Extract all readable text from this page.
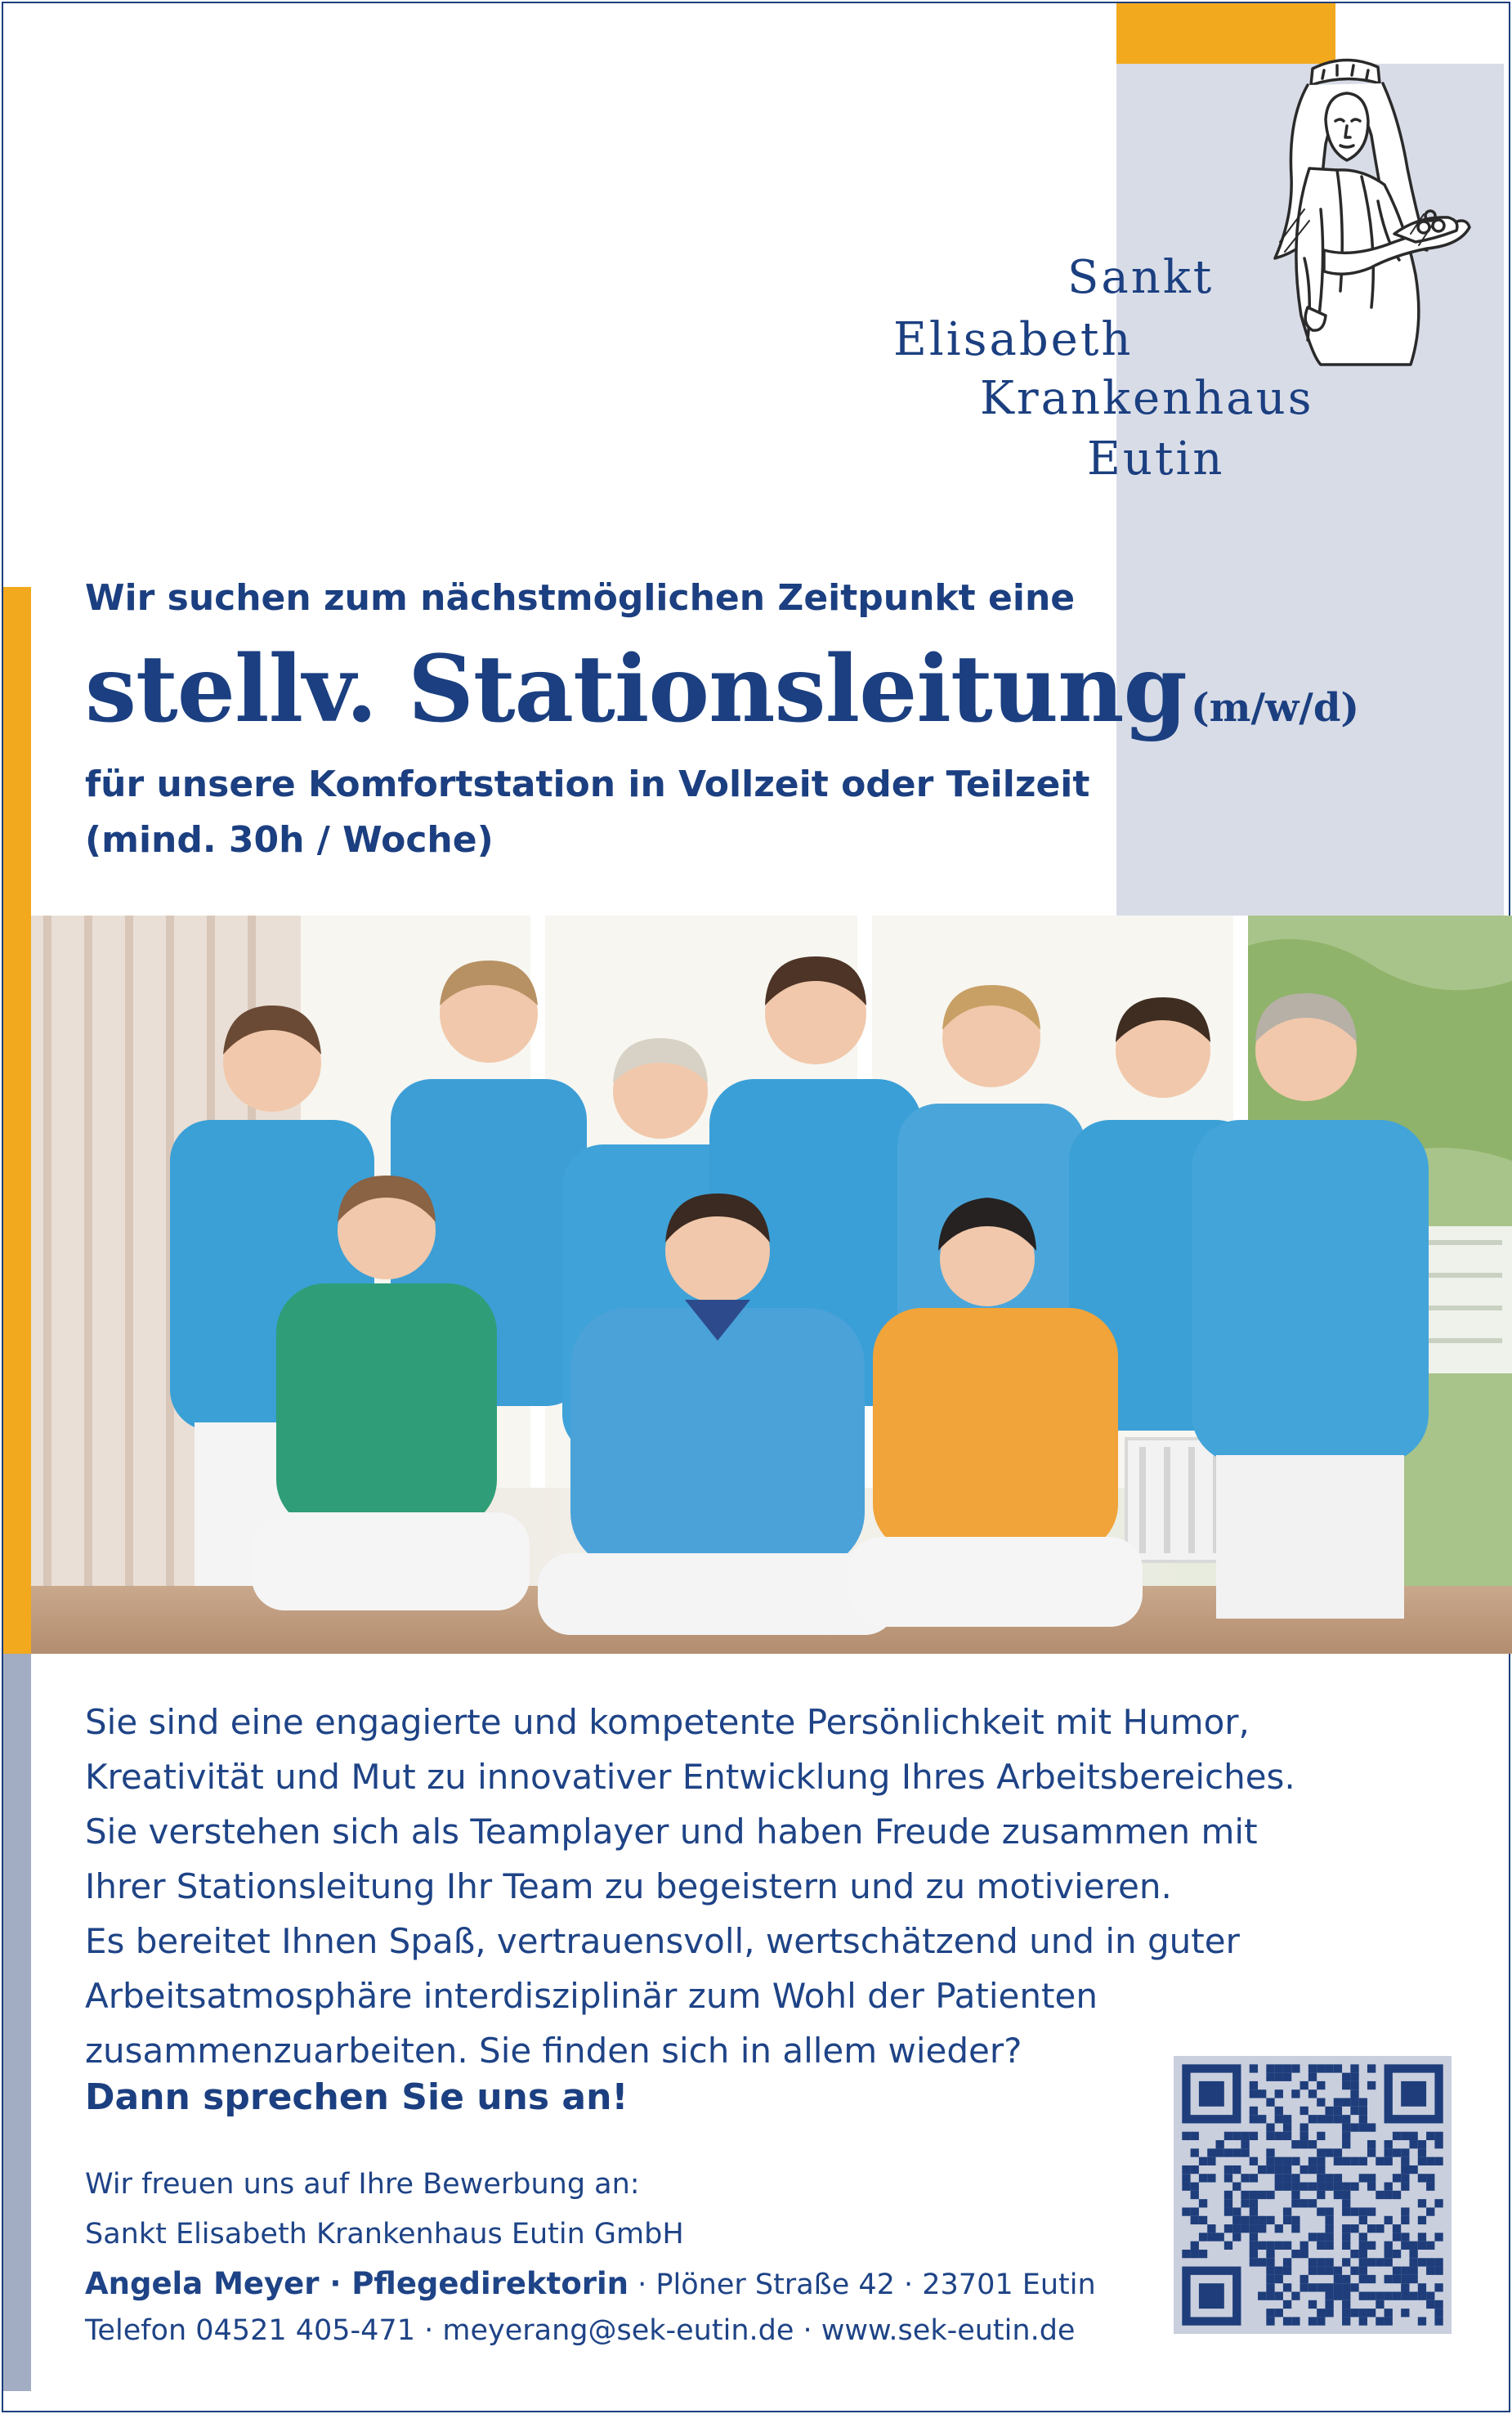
Sankt
Elisabeth
Krankenhaus
Eutin
Wir suchen zum nächstmöglichen Zeitpunkt eine
stellv. Stationsleitung (m/w/d)
für unsere Komfortstation in Vollzeit oder Teilzeit
(mind. 30h / Woche)
Sie sind eine engagierte und kompetente Persönlichkeit mit Humor,
Kreativität und Mut zu innovativer Entwicklung Ihres Arbeitsbereiches.
Sie verstehen sich als Teamplayer und haben Freude zusammen mit
Ihrer Stationsleitung Ihr Team zu begeistern und zu motivieren.
Es bereitet Ihnen Spaß, vertrauensvoll, wertschätzend und in guter
Arbeitsatmosphäre interdisziplinär zum Wohl der Patienten
zusammenzuarbeiten. Sie finden sich in allem wieder?
Dann sprechen Sie uns an!
Wir freuen uns auf Ihre Bewerbung an:
Sankt Elisabeth Krankenhaus Eutin GmbH
Angela Meyer · Pflegedirektorin · Plöner Straße 42 · 23701 Eutin
Telefon 04521 405-471 · meyerang@sek-eutin.de · www.sek-eutin.de
